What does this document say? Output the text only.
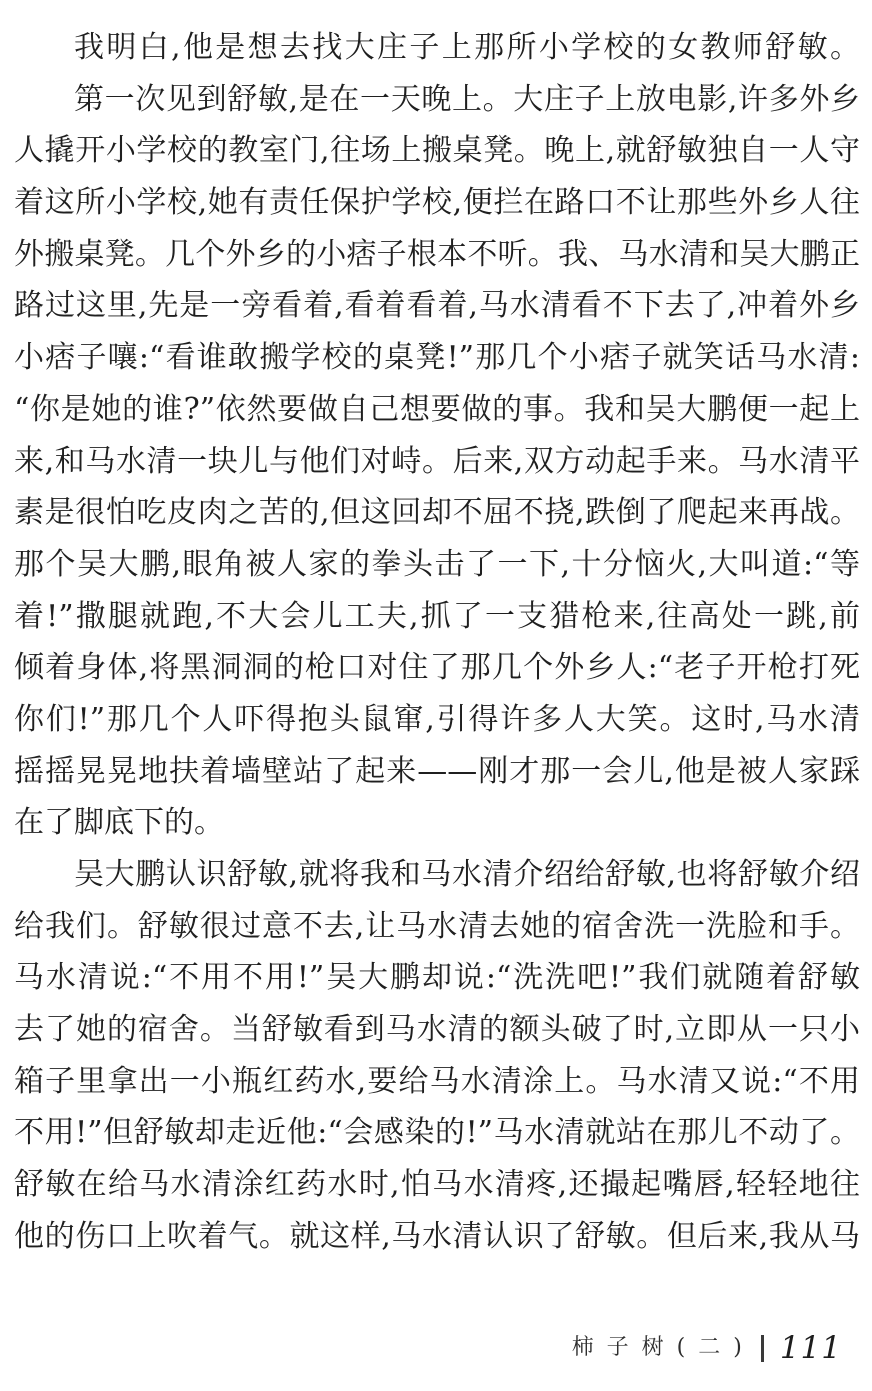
我明白,他是想去找大庄子上那所小学校的女教师舒敏。
第一次见到舒敏,是在一天晚上。大庄子上放电影,许多外乡
人撬开小学校的教室门,往场上搬桌凳。晚上,就舒敏独自一人守
着这所小学校,她有责任保护学校,便拦在路口不让那些外乡人往
外搬桌凳。几个外乡的小痞子根本不听。我、马水清和吴大鹏正
路过这里,先是一旁看着,看着看着,马水清看不下去了,冲着外乡
小痞子嚷:“看谁敢搬学校的桌凳!”那几个小痞子就笑话马水清:
“你是她的谁?”依然要做自己想要做的事。我和吴大鹏便一起上
来,和马水清一块儿与他们对峙。后来,双方动起手来。马水清平
素是很怕吃皮肉之苦的,但这回却不屈不挠,跌倒了爬起来再战。
那个吴大鹏,眼角被人家的拳头击了一下,十分恼火,大叫道:“等
着!”撒腿就跑,不大会儿工夫,抓了一支猎枪来,往高处一跳,前
倾着身体,将黑洞洞的枪口对住了那几个外乡人:“老子开枪打死
你们!”那几个人吓得抱头鼠窜,引得许多人大笑。这时,马水清
摇摇晃晃地扶着墙壁站了起来——刚才那一会儿,他是被人家踩
在了脚底下的。
吴大鹏认识舒敏,就将我和马水清介绍给舒敏,也将舒敏介绍
给我们。舒敏很过意不去,让马水清去她的宿舍洗一洗脸和手。
马水清说:“不用不用!”吴大鹏却说:“洗洗吧!”我们就随着舒敏
去了她的宿舍。当舒敏看到马水清的额头破了时,立即从一只小
箱子里拿出一小瓶红药水,要给马水清涂上。马水清又说:“不用
不用!”但舒敏却走近他:“会感染的!”马水清就站在那儿不动了。
舒敏在给马水清涂红药水时,怕马水清疼,还撮起嘴唇,轻轻地往
他的伤口上吹着气。就这样,马水清认识了舒敏。但后来,我从马
柿子树(二) 111
